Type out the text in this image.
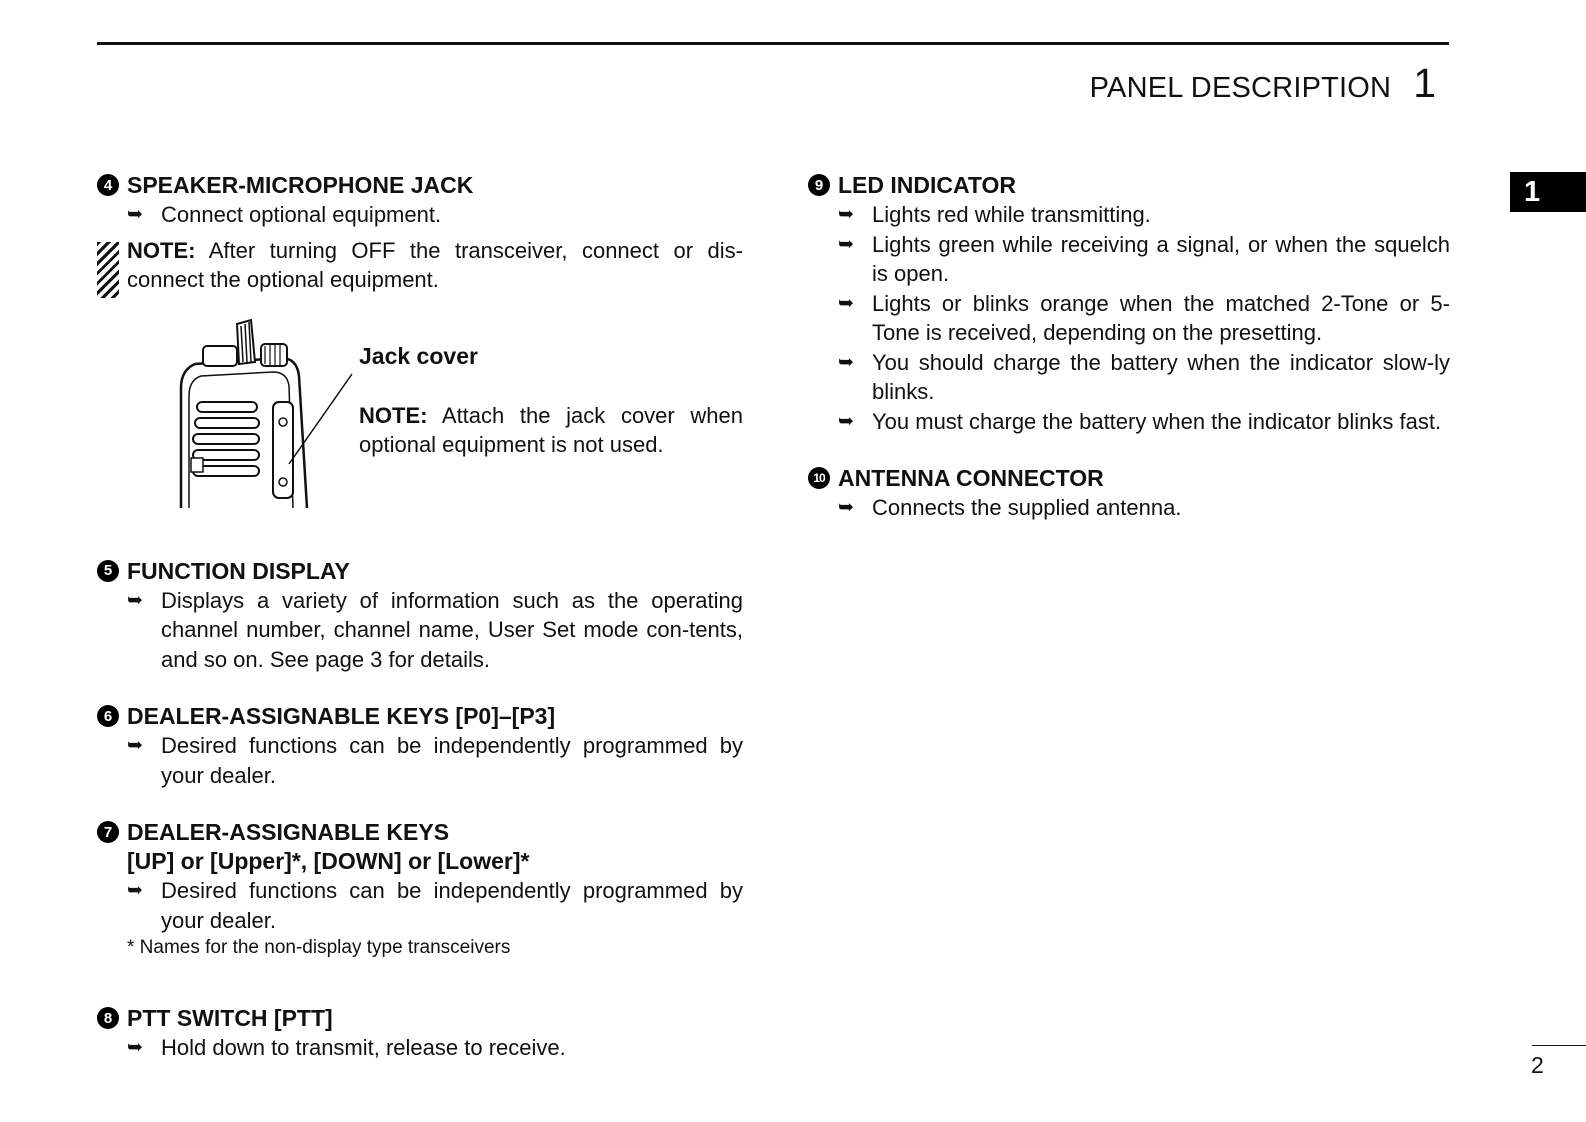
PANEL DESCRIPTION 1
1
4 SPEAKER-MICROPHONE JACK
➥ Connect optional equipment.
NOTE: After turning OFF the transceiver, connect or dis-connect the optional equipment.
Jack cover
NOTE: Attach the jack cover when optional equipment is not used.
5 FUNCTION DISPLAY
➥ Displays a variety of information such as the operating channel number, channel name, User Set mode con-tents, and so on. See page 3 for details.
6 DEALER-ASSIGNABLE KEYS [P0]–[P3]
➥ Desired functions can be independently programmed by your dealer.
7 DEALER-ASSIGNABLE KEYS
[UP] or [Upper]*, [DOWN] or [Lower]*
➥ Desired functions can be independently programmed by your dealer.
* Names for the non-display type transceivers
8 PTT SWITCH [PTT]
➥ Hold down to transmit, release to receive.
9 LED INDICATOR
➥ Lights red while transmitting.
➥ Lights green while receiving a signal, or when the squelch is open.
➥ Lights or blinks orange when the matched 2-Tone or 5-Tone is received, depending on the presetting.
➥ You should charge the battery when the indicator slow-ly blinks.
➥ You must charge the battery when the indicator blinks fast.
10 ANTENNA CONNECTOR
➥ Connects the supplied antenna.
2
